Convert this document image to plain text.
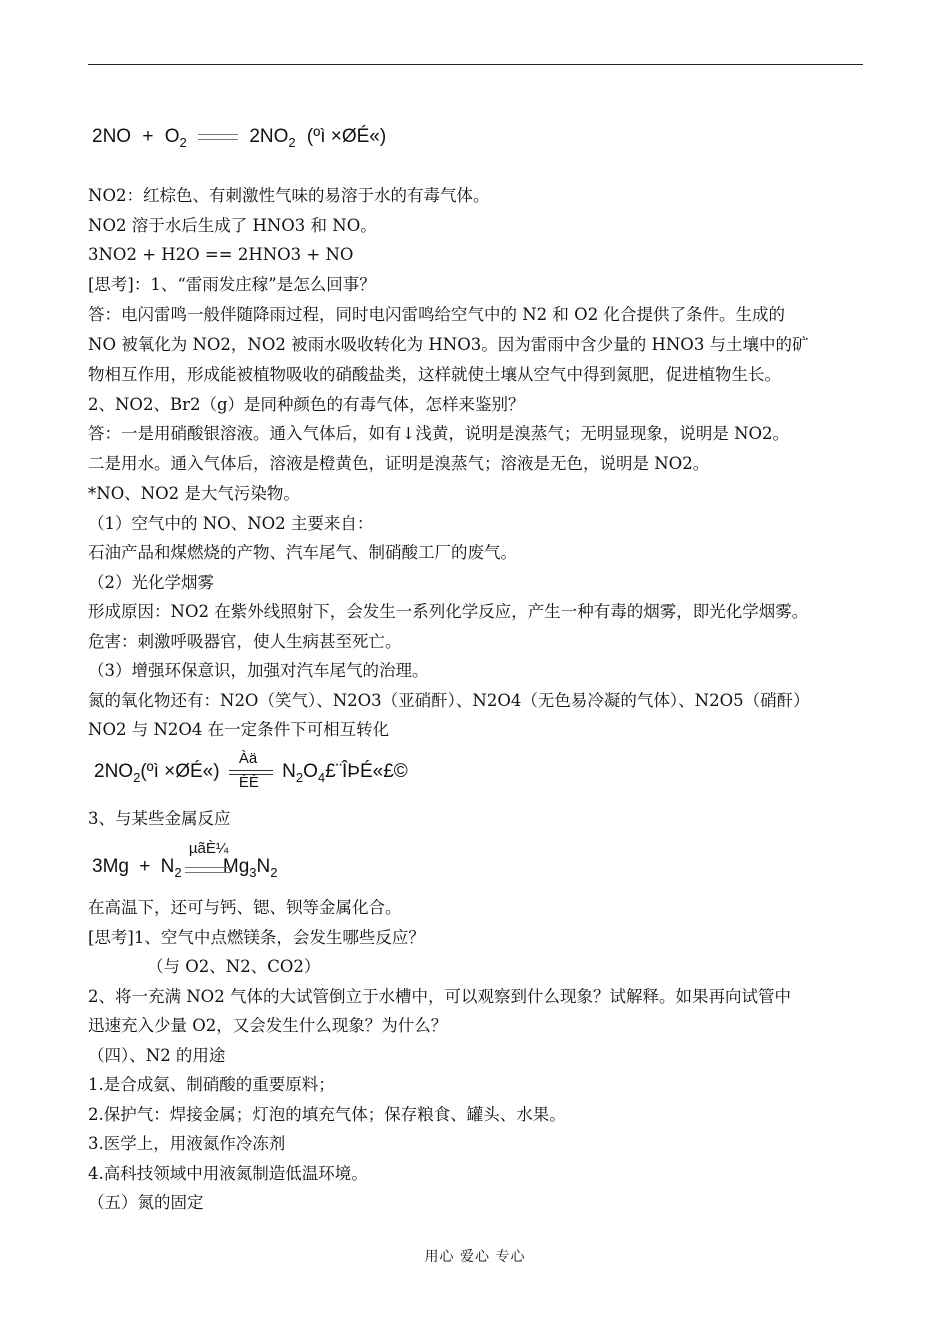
$2NO + O_2$	$2NO_2$ (ºì ×ØÉ«)
NO2：红棕色、有刺激性气味的易溶于水的有毒气体。
NO2 溶于水后生成了 HNO3 和 NO。
3NO2 + H2O == 2HNO3 + NO
[思考]：1、“雷雨发庄稼”是怎么回事？
答：电闪雷鸣一般伴随降雨过程，同时电闪雷鸣给空气中的 N2 和 O2 化合提供了条件。生成的
NO 被氧化为 NO2，NO2 被雨水吸收转化为 HNO3。因为雷雨中含少量的 HNO3 与土壤中的矿
物相互作用，形成能被植物吸收的硝酸盐类，这样就使土壤从空气中得到氮肥，促进植物生长。
2、NO2、Br2（g）是同种颜色的有毒气体，怎样来鉴别？
答：一是用硝酸银溶液。通入气体后，如有↓浅黄，说明是溴蒸气；无明显现象，说明是 NO2。
二是用水。通入气体后，溶液是橙黄色，证明是溴蒸气；溶液是无色，说明是 NO2。
*NO、NO2 是大气污染物。
（1）空气中的 NO、NO2 主要来自：
石油产品和煤燃烧的产物、汽车尾气、制硝酸工厂的废气。
（2）光化学烟雾
形成原因：NO2 在紫外线照射下，会发生一系列化学反应，产生一种有毒的烟雾，即光化学烟雾。
危害：刺激呼吸器官，使人生病甚至死亡。
（3）增强环保意识，加强对汽车尾气的治理。
氮的氧化物还有：N2O（笑气）、N2O3（亚硝酐）、N2O4（无色易冷凝的气体）、N2O5（硝酐）
NO2 与 N2O4 在一定条件下可相互转化
$2NO_2(ºì$ ×ØÉ«) $\frac{Àä}{ÈÈ}$ $N_2O_4£¨ÎÞÉ«£©$
3、与某些金属反应
$3Mg + N_2$
µãÈ¼
$Mg_3N_2$
在高温下，还可与钙、锶、钡等金属化合。
[思考]1、空气中点燃镁条，会发生哪些反应？
（与 O2、N2、CO2）
2、将一充满 NO2 气体的大试管倒立于水槽中，可以观察到什么现象？试解释。如果再向试管中
迅速充入少量 O2，又会发生什么现象？为什么？
（四）、N2 的用途
1.是合成氨、制硝酸的重要原料；
2.保护气：焊接金属；灯泡的填充气体；保存粮食、罐头、水果。
3.医学上，用液氮作冷冻剂
4.高科技领域中用液氮制造低温环境。
（五）氮的固定
用心 爱心 专心
